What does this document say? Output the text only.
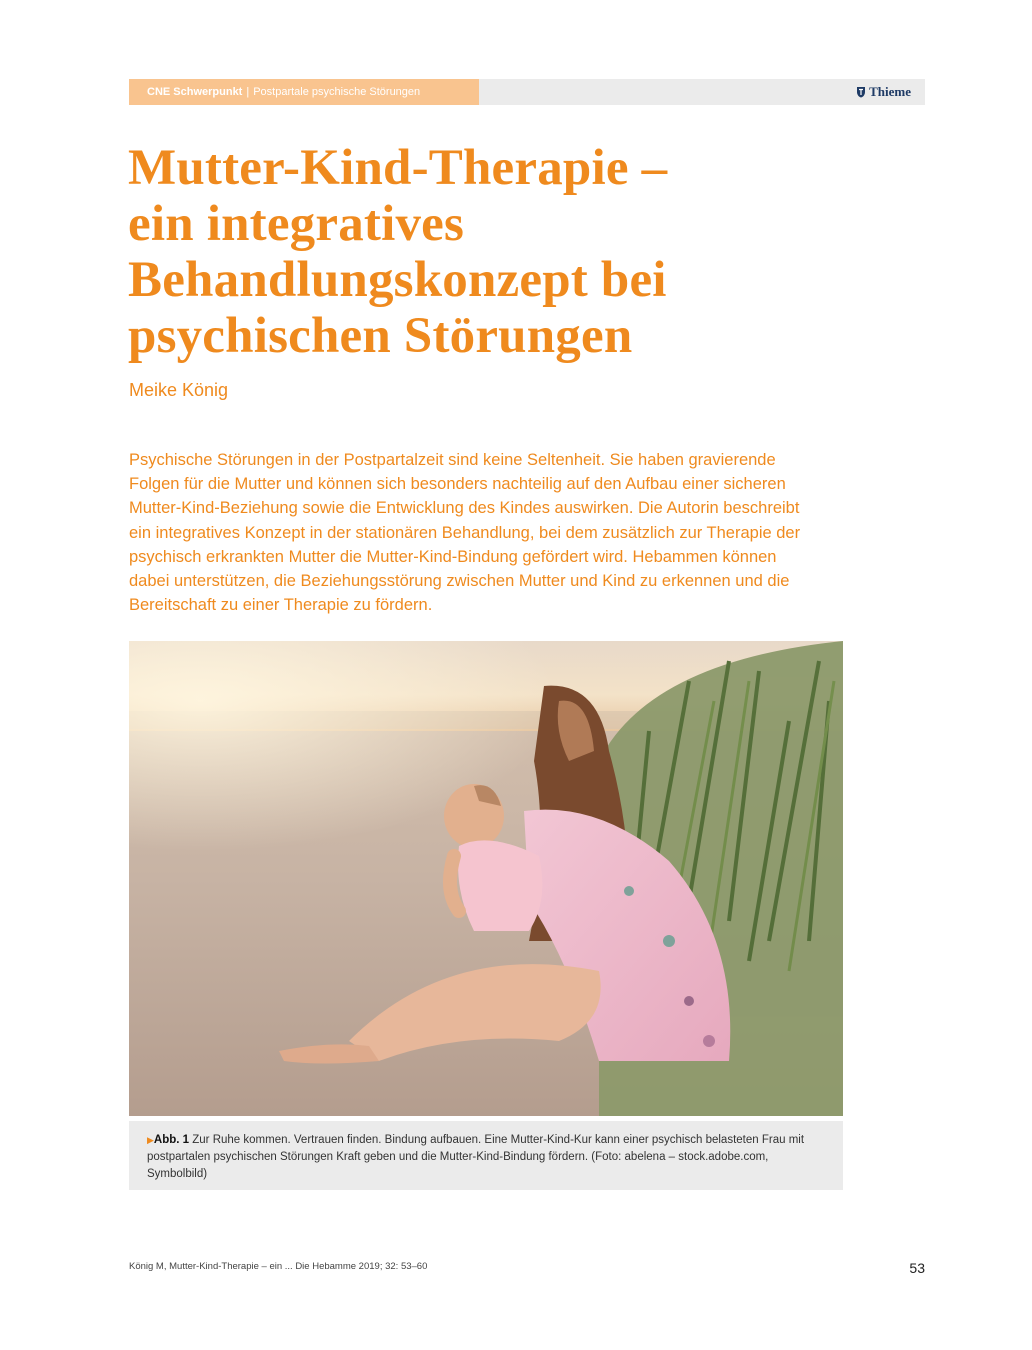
CNE Schwerpunkt | Postpartale psychische Störungen	Thieme
Mutter-Kind-Therapie –
ein integratives
Behandlungskonzept bei
psychischen Störungen
Meike König

Psychische Störungen in der Postpartalzeit sind keine Seltenheit. Sie haben gravierende
Folgen für die Mutter und können sich besonders nachteilig auf den Aufbau einer sicheren
Mutter-Kind-Beziehung sowie die Entwicklung des Kindes auswirken. Die Autorin beschreibt
ein integratives Konzept in der stationären Behandlung, bei dem zusätzlich zur Therapie der
psychisch erkrankten Mutter die Mutter-Kind-Bindung gefördert wird. Hebammen können
dabei unterstützen, die Beziehungsstörung zwischen Mutter und Kind zu erkennen und die
Bereitschaft zu einer Therapie zu fördern.

▶Abb. 1 Zur Ruhe kommen. Vertrauen finden. Bindung aufbauen. Eine Mutter-Kind-Kur kann einer psychisch belasteten Frau mit
postpartalen psychischen Störungen Kraft geben und die Mutter-Kind-Bindung fördern. (Foto: abelena – stock.adobe.com,
Symbolbild)
König M, Mutter-Kind-Therapie – ein ... Die Hebamme 2019; 32: 53–60	53
